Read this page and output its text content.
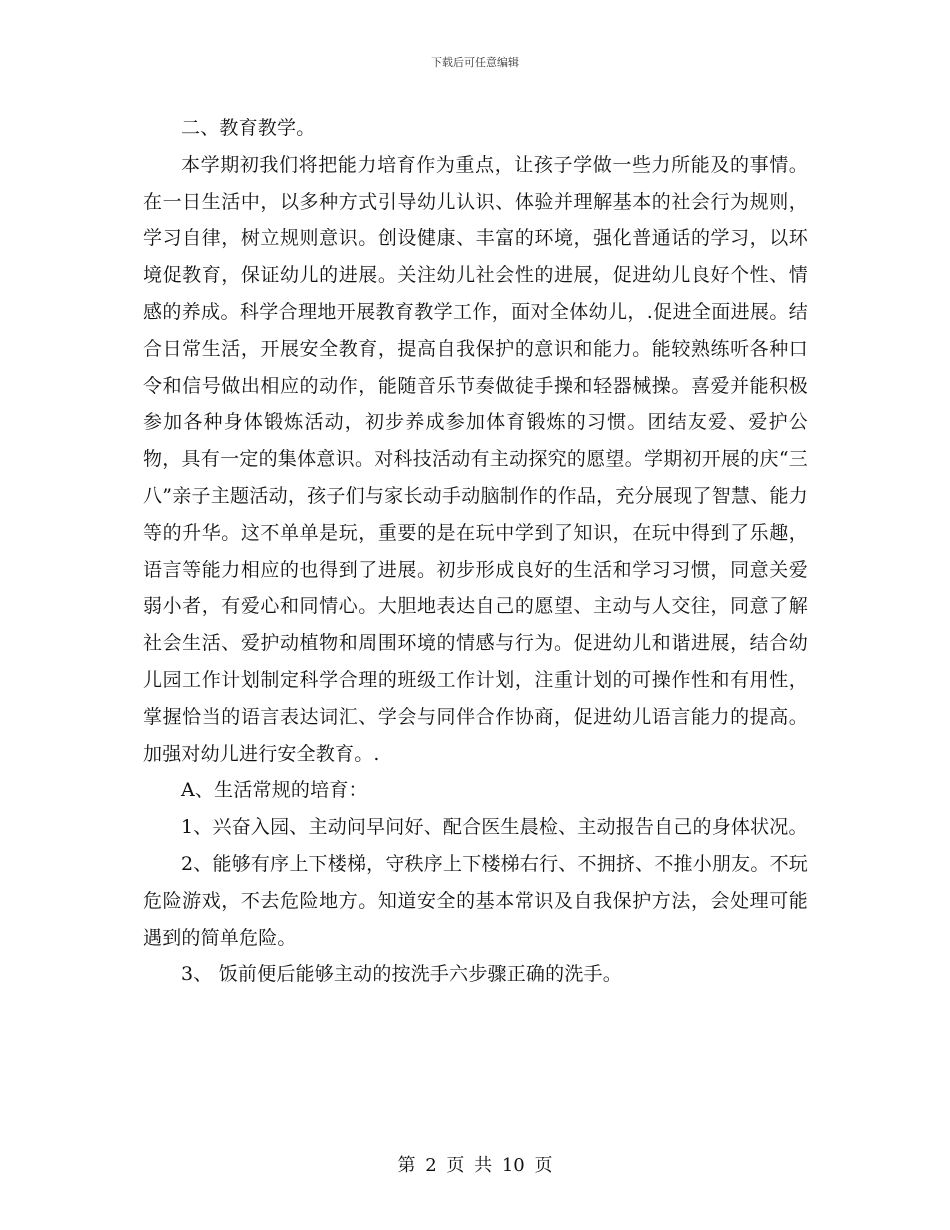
下载后可任意编辑

二、教育教学。

本学期初我们将把能力培育作为重点，让孩子学做一些力所能及的事情。在一日生活中，以多种方式引导幼儿认识、体验并理解基本的社会行为规则，学习自律，树立规则意识。创设健康、丰富的环境，强化普通话的学习，以环境促教育，保证幼儿的进展。关注幼儿社会性的进展，促进幼儿良好个性、情感的养成。科学合理地开展教育教学工作，面对全体幼儿，.促进全面进展。结合日常生活，开展安全教育，提高自我保护的意识和能力。能较熟练听各种口令和信号做出相应的动作，能随音乐节奏做徒手操和轻器械操。喜爱并能积极参加各种身体锻炼活动，初步养成参加体育锻炼的习惯。团结友爱、爱护公物，具有一定的集体意识。对科技活动有主动探究的愿望。学期初开展的庆“三八”亲子主题活动，孩子们与家长动手动脑制作的作品，充分展现了智慧、能力等的升华。这不单单是玩，重要的是在玩中学到了知识，在玩中得到了乐趣，语言等能力相应的也得到了进展。初步形成良好的生活和学习习惯，同意关爱弱小者，有爱心和同情心。大胆地表达自己的愿望、主动与人交往，同意了解社会生活、爱护动植物和周围环境的情感与行为。促进幼儿和谐进展，结合幼儿园工作计划制定科学合理的班级工作计划，注重计划的可操作性和有用性，掌握恰当的语言表达词汇、学会与同伴合作协商，促进幼儿语言能力的提高。加强对幼儿进行安全教育。.

A、生活常规的培育：

1、兴奋入园、主动问早问好、配合医生晨检、主动报告自己的身体状况。

2、能够有序上下楼梯，守秩序上下楼梯右行、不拥挤、不推小朋友。不玩危险游戏，不去危险地方。知道安全的基本常识及自我保护方法，会处理可能遇到的简单危险。

3、 饭前便后能够主动的按洗手六步骤正确的洗手。

第 2 页 共 10 页
